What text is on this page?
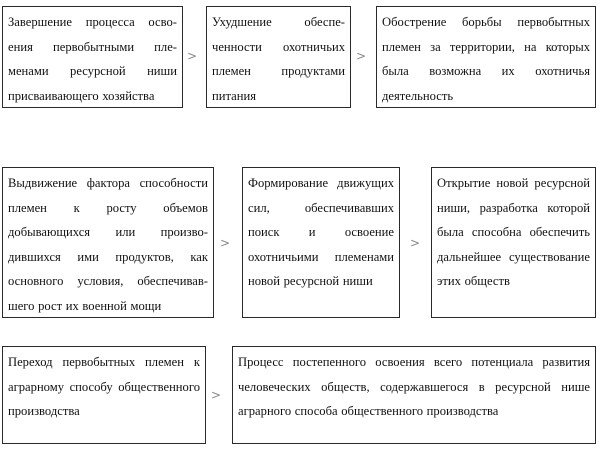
Завершение процесса освоения первобытными племенами ресурсной ниши присваивающего хозяйства
>
Ухудшение обеспеченности охотничьих племен продуктами питания
>
Обострение борьбы первобытных племен за территории, на которых была возможна их охотничья деятельность
Выдвижение фактора способности племен к росту объемов добывающихся или производившихся ими продуктов, как основного условия, обеспечивавшего рост их военной мощи
>
Формирование движущих сил, обеспечивавших поиск и освоение охотничьими племенами новой ресурсной ниши
>
Открытие новой ресурсной ниши, разработка которой была способна обеспечить дальнейшее существование этих обществ
Переход первобытных племен к аграрному способу общественного производства
>
Процесс постепенного освоения всего потенциала развития человеческих обществ, содержавшегося в ресурсной нише аграрного способа общественного производства
